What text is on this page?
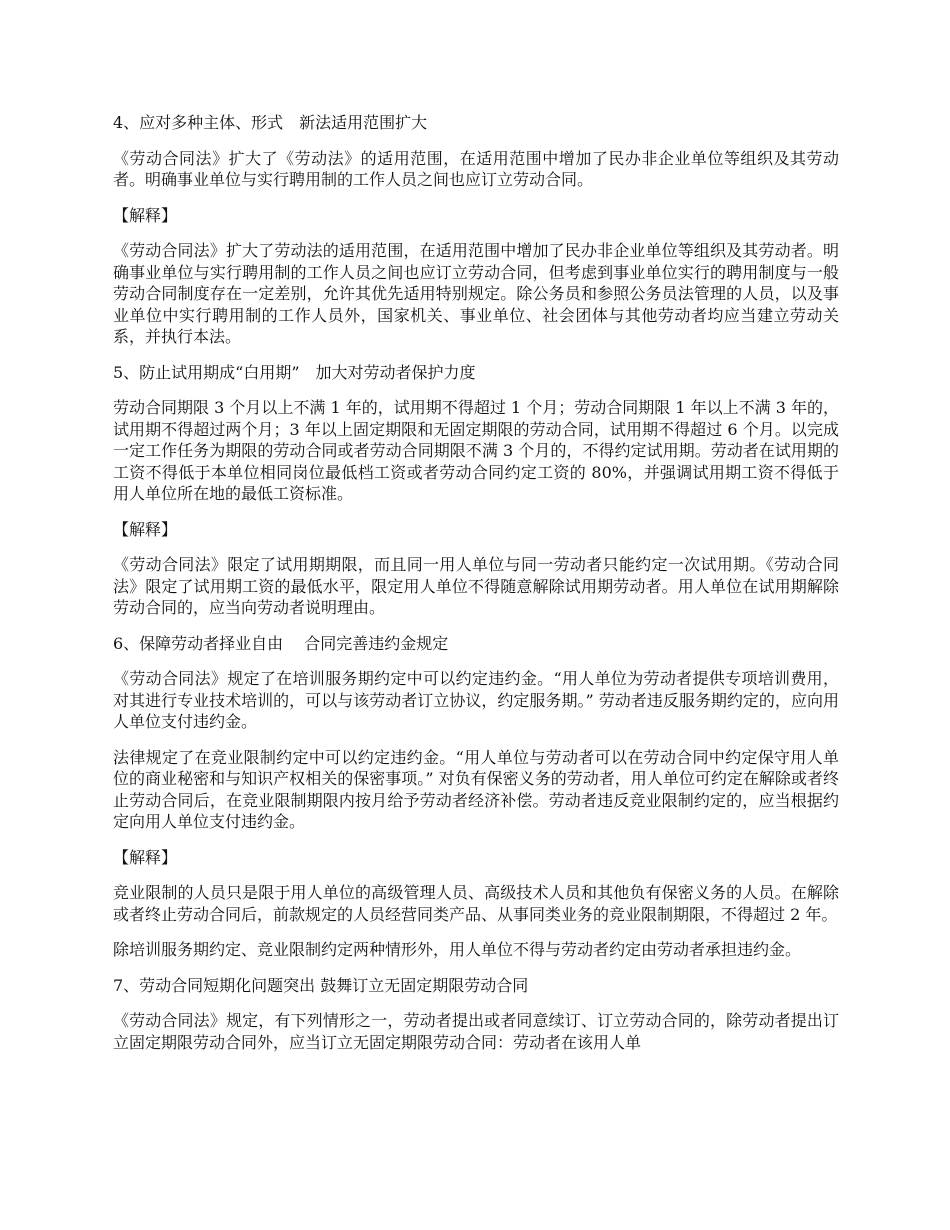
4、应对多种主体、形式　新法适用范围扩大

《劳动合同法》扩大了《劳动法》的适用范围，在适用范围中增加了民办非企业单位等组织及其劳动者。明确事业单位与实行聘用制的工作人员之间也应订立劳动合同。

【解释】

《劳动合同法》扩大了劳动法的适用范围，在适用范围中增加了民办非企业单位等组织及其劳动者。明确事业单位与实行聘用制的工作人员之间也应订立劳动合同，但考虑到事业单位实行的聘用制度与一般劳动合同制度存在一定差别，允许其优先适用特别规定。除公务员和参照公务员法管理的人员，以及事业单位中实行聘用制的工作人员外，国家机关、事业单位、社会团体与其他劳动者均应当建立劳动关系，并执行本法。

5、防止试用期成“白用期”　加大对劳动者保护力度

劳动合同期限 3 个月以上不满 1 年的，试用期不得超过 1 个月；劳动合同期限 1 年以上不满 3 年的，试用期不得超过两个月；3 年以上固定期限和无固定期限的劳动合同，试用期不得超过 6 个月。以完成一定工作任务为期限的劳动合同或者劳动合同期限不满 3 个月的，不得约定试用期。劳动者在试用期的工资不得低于本单位相同岗位最低档工资或者劳动合同约定工资的 80%，并强调试用期工资不得低于用人单位所在地的最低工资标准。

【解释】

《劳动合同法》限定了试用期期限，而且同一用人单位与同一劳动者只能约定一次试用期。《劳动合同法》限定了试用期工资的最低水平，限定用人单位不得随意解除试用期劳动者。用人单位在试用期解除劳动合同的，应当向劳动者说明理由。

6、保障劳动者择业自由　 合同完善违约金规定

《劳动合同法》规定了在培训服务期约定中可以约定违约金。“用人单位为劳动者提供专项培训费用，对其进行专业技术培训的，可以与该劳动者订立协议，约定服务期。” 劳动者违反服务期约定的，应向用人单位支付违约金。

法律规定了在竞业限制约定中可以约定违约金。“用人单位与劳动者可以在劳动合同中约定保守用人单位的商业秘密和与知识产权相关的保密事项。” 对负有保密义务的劳动者，用人单位可约定在解除或者终止劳动合同后，在竞业限制期限内按月给予劳动者经济补偿。劳动者违反竞业限制约定的，应当根据约定向用人单位支付违约金。

【解释】

竞业限制的人员只是限于用人单位的高级管理人员、高级技术人员和其他负有保密义务的人员。在解除或者终止劳动合同后，前款规定的人员经营同类产品、从事同类业务的竞业限制期限，不得超过 2 年。

除培训服务期约定、竞业限制约定两种情形外，用人单位不得与劳动者约定由劳动者承担违约金。

7、劳动合同短期化问题突出 鼓舞订立无固定期限劳动合同

《劳动合同法》规定，有下列情形之一，劳动者提出或者同意续订、订立劳动合同的，除劳动者提出订立固定期限劳动合同外，应当订立无固定期限劳动合同：劳动者在该用人单
